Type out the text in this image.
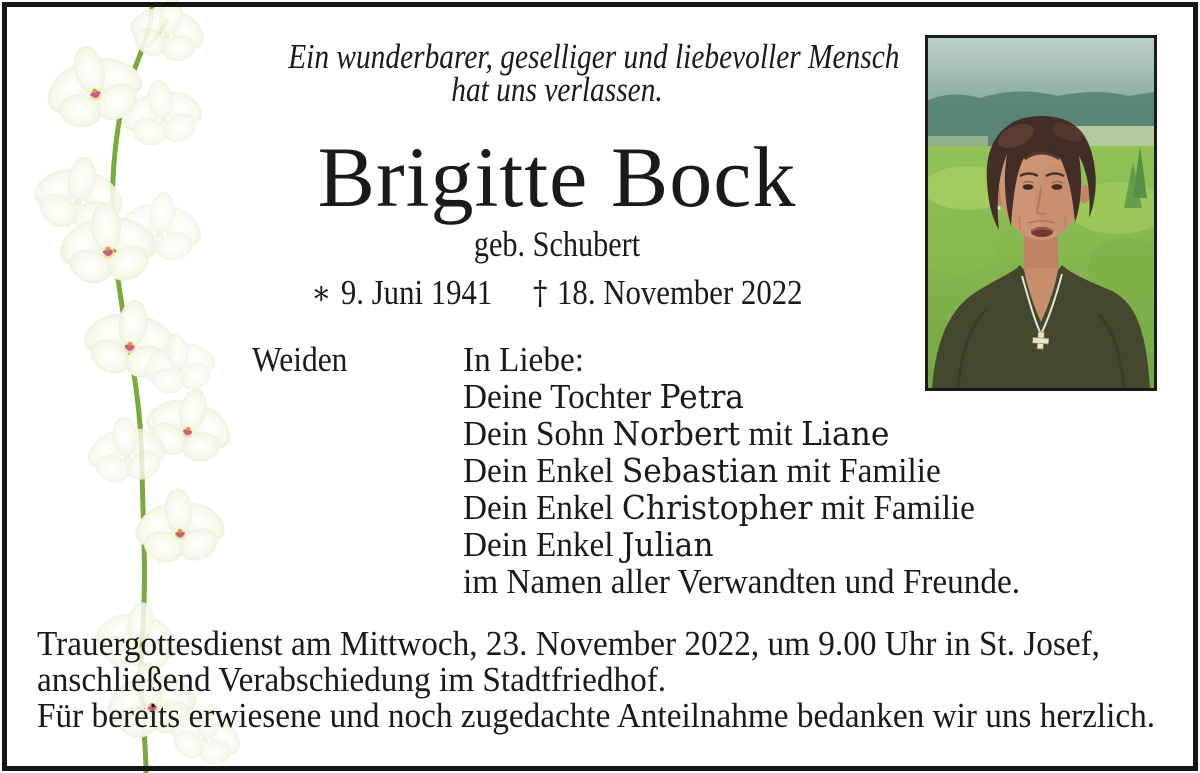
Ein wunderbarer, geselliger und liebevoller Mensch
hat uns verlassen.
Brigitte Bock
geb. Schubert
∗ 9. Juni 1941 † 18. November 2022
Weiden	In Liebe:
Deine Tochter Petra
Dein Sohn Norbert mit Liane
Dein Enkel Sebastian mit Familie
Dein Enkel Christopher mit Familie
Dein Enkel Julian
im Namen aller Verwandten und Freunde.
Trauergottesdienst am Mittwoch, 23. November 2022, um 9.00 Uhr in St. Josef,
anschließend Verabschiedung im Stadtfriedhof.
Für bereits erwiesene und noch zugedachte Anteilnahme bedanken wir uns herzlich.
